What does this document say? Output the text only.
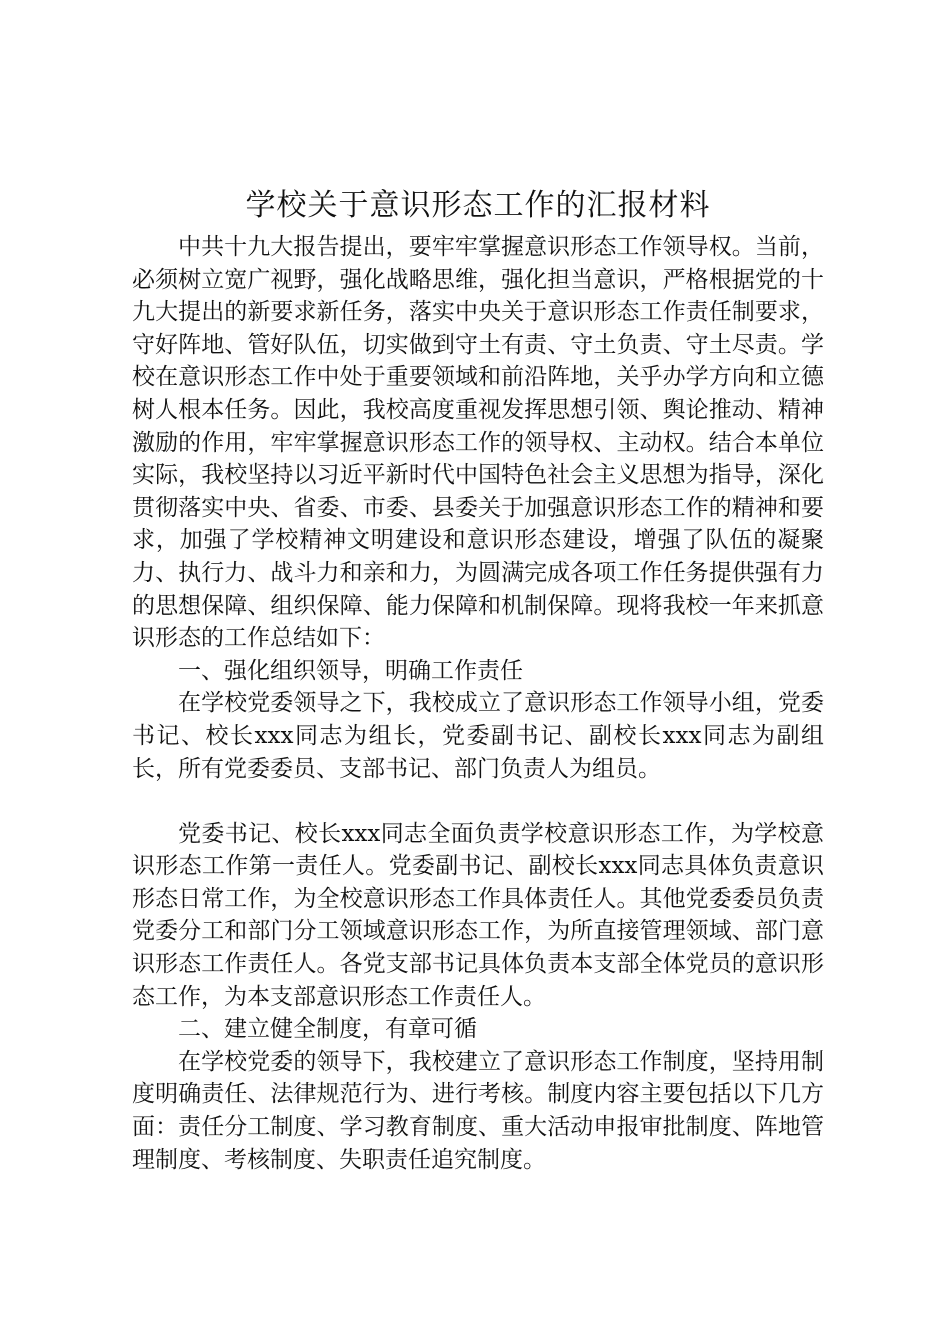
学校关于意识形态工作的汇报材料

中共十九大报告提出，要牢牢掌握意识形态工作领导权。当前，必须树立宽广视野，强化战略思维，强化担当意识，严格根据党的十九大提出的新要求新任务，落实中央关于意识形态工作责任制要求，守好阵地、管好队伍，切实做到守土有责、守土负责、守土尽责。学校在意识形态工作中处于重要领域和前沿阵地，关乎办学方向和立德树人根本任务。因此，我校高度重视发挥思想引领、舆论推动、精神激励的作用，牢牢掌握意识形态工作的领导权、主动权。结合本单位实际，我校坚持以习近平新时代中国特色社会主义思想为指导，深化贯彻落实中央、省委、市委、县委关于加强意识形态工作的精神和要求，加强了学校精神文明建设和意识形态建设，增强了队伍的凝聚力、执行力、战斗力和亲和力，为圆满完成各项工作任务提供强有力的思想保障、组织保障、能力保障和机制保障。现将我校一年来抓意识形态的工作总结如下：

一、强化组织领导，明确工作责任

在学校党委领导之下，我校成立了意识形态工作领导小组，党委书记、校长xxx同志为组长，党委副书记、副校长xxx同志为副组长，所有党委委员、支部书记、部门负责人为组员。

党委书记、校长xxx同志全面负责学校意识形态工作，为学校意识形态工作第一责任人。党委副书记、副校长xxx同志具体负责意识形态日常工作，为全校意识形态工作具体责任人。其他党委委员负责党委分工和部门分工领域意识形态工作，为所直接管理领域、部门意识形态工作责任人。各党支部书记具体负责本支部全体党员的意识形态工作，为本支部意识形态工作责任人。

二、建立健全制度，有章可循

在学校党委的领导下，我校建立了意识形态工作制度，坚持用制度明确责任、法律规范行为、进行考核。制度内容主要包括以下几方面：责任分工制度、学习教育制度、重大活动申报审批制度、阵地管理制度、考核制度、失职责任追究制度。
